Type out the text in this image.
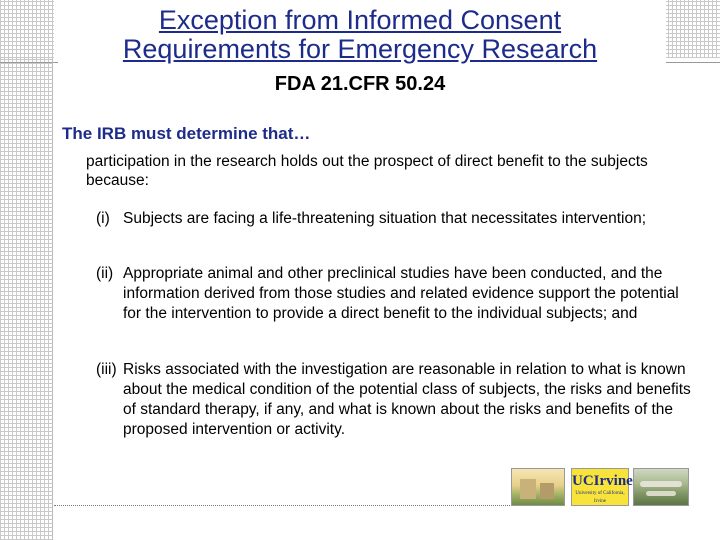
Exception from Informed Consent
Requirements for Emergency Research
FDA 21.CFR 50.24
The IRB must determine that…
participation in the research holds out the prospect of direct benefit to the subjects because:
(i) Subjects are facing a life-threatening situation that necessitates intervention;
(ii) Appropriate animal and other preclinical studies have been conducted, and the information derived from those studies and related evidence support the potential for the intervention to provide a direct benefit to the individual subjects; and
(iii) Risks associated with the investigation are reasonable in relation to what is known about the medical condition of the potential class of subjects, the risks and benefits of standard therapy, if any, and what is known about the risks and benefits of the proposed intervention or activity.
UCIrvine
University of California, Irvine
